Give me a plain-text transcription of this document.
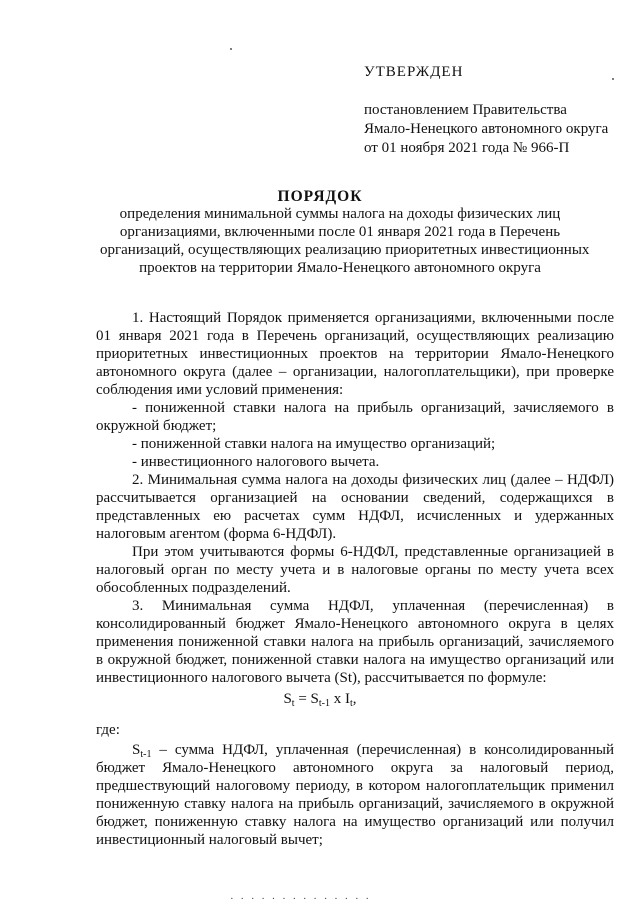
УТВЕРЖДЕН
постановлением Правительства
Ямало-Ненецкого автономного округа
от 01 ноября 2021 года № 966-П
ПОРЯДОК
определения минимальной суммы налога на доходы физических лиц
организациями, включенными после 01 января 2021 года в Перечень
организаций, осуществляющих реализацию приоритетных инвестиционных
проектов на территории Ямало-Ненецкого автономного округа
1. Настоящий Порядок применяется организациями, включенными после
01 января 2021 года в Перечень организаций, осуществляющих реализацию
приоритетных инвестиционных проектов на территории Ямало-Ненецкого
автономного округа (далее – организации, налогоплательщики), при проверке
соблюдения ими условий применения:
- пониженной ставки налога на прибыль организаций, зачисляемого в
окружной бюджет;
- пониженной ставки налога на имущество организаций;
- инвестиционного налогового вычета.
2. Минимальная сумма налога на доходы физических лиц (далее – НДФЛ)
рассчитывается организацией на основании сведений, содержащихся в
представленных ею расчетах сумм НДФЛ, исчисленных и удержанных
налоговым агентом (форма 6-НДФЛ).
При этом учитываются формы 6-НДФЛ, представленные организацией в
налоговый орган по месту учета и в налоговые органы по месту учета всех
обособленных подразделений.
3. Минимальная сумма НДФЛ, уплаченная (перечисленная) в
консолидированный бюджет Ямало-Ненецкого автономного округа в целях
применения пониженной ставки налога на прибыль организаций, зачисляемого
в окружной бюджет, пониженной ставки налога на имущество организаций или
инвестиционного налогового вычета (St), рассчитывается по формуле:
$S_t = S_{t-1}$ x $I_t$,
где:
$S_{t-1}$ – сумма НДФЛ, уплаченная (перечисленная) в консолидированный
бюджет Ямало-Ненецкого автономного округа за налоговый период,
предшествующий налоговому периоду, в котором налогоплательщик применил
пониженную ставку налога на прибыль организаций, зачисляемого в окружной
бюджет, пониженную ставку налога на имущество организаций или получил
инвестиционный налоговый вычет;
· · · · · · · · · · · · · ·
